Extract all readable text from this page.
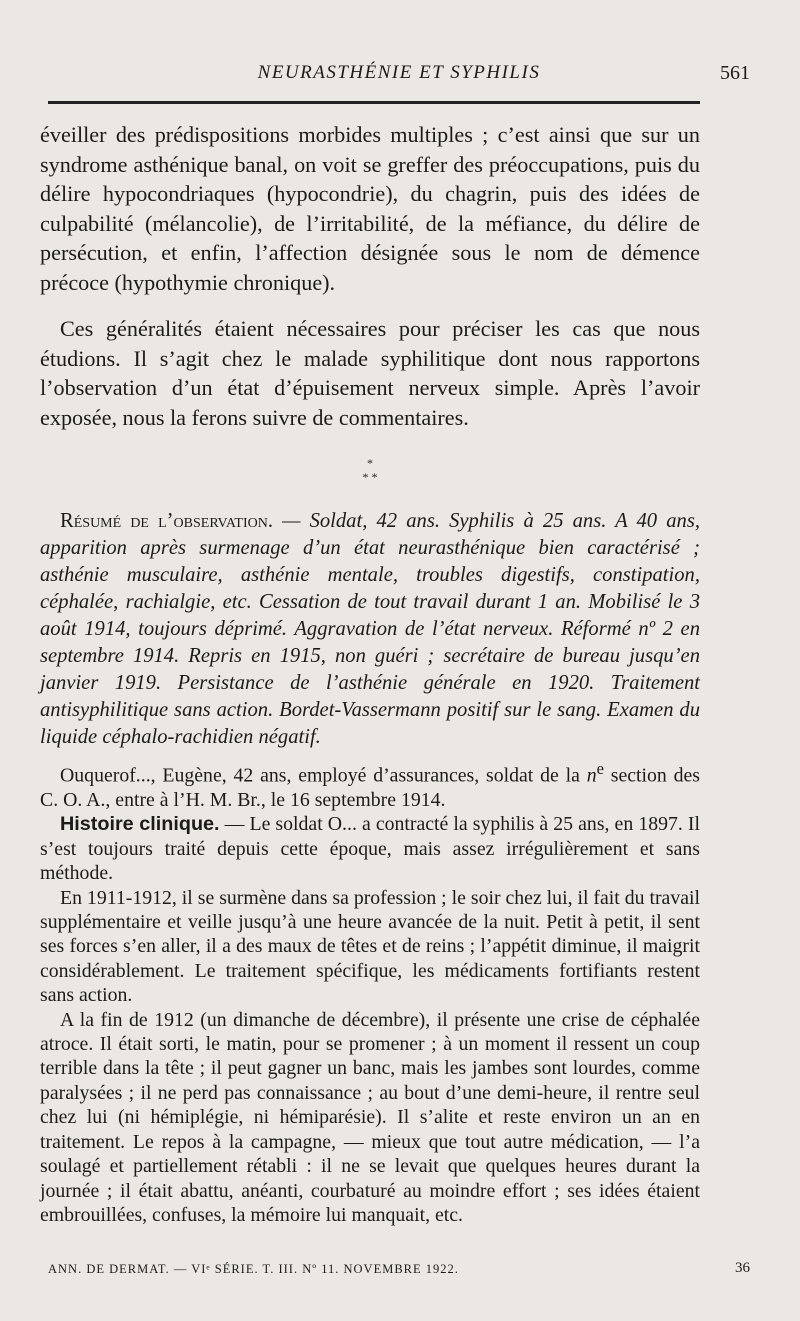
NEURASTHÉNIE ET SYPHILIS	561

éveiller des prédispositions morbides multiples ; c’est ainsi que sur un syndrome asthénique banal, on voit se greffer des préoccupations, puis du délire hypocondriaques (hypocondrie), du chagrin, puis des idées de culpabilité (mélancolie), de l’irritabilité, de la méfiance, du délire de persécution, et enfin, l’affection désignée sous le nom de démence précoce (hypothymie chronique).

Ces généralités étaient nécessaires pour préciser les cas que nous étudions. Il s’agit chez le malade syphilitique dont nous rapportons l’observation d’un état d’épuisement nerveux simple. Après l’avoir exposée, nous la ferons suivre de commentaires.

*
* *

Résumé de l’observation. — Soldat, 42 ans. Syphilis à 25 ans. A 40 ans, apparition après surmenage d’un état neurasthénique bien caractérisé ; asthénie musculaire, asthénie mentale, troubles digestifs, constipation, céphalée, rachialgie, etc. Cessation de tout travail durant 1 an. Mobilisé le 3 août 1914, toujours déprimé. Aggravation de l’état nerveux. Réformé nº 2 en septembre 1914. Repris en 1915, non guéri ; secrétaire de bureau jusqu’en janvier 1919. Persistance de l’asthénie générale en 1920. Traitement antisyphilitique sans action. Bordet-Vassermann positif sur le sang. Examen du liquide céphalo-rachidien négatif.

Ouquerof..., Eugène, 42 ans, employé d’assurances, soldat de la $n^e$ section des C. O. A., entre à l’H. M. Br., le 16 septembre 1914.

Histoire clinique. — Le soldat O... a contracté la syphilis à 25 ans, en 1897. Il s’est toujours traité depuis cette époque, mais assez irrégulièrement et sans méthode.

En 1911-1912, il se surmène dans sa profession ; le soir chez lui, il fait du travail supplémentaire et veille jusqu’à une heure avancée de la nuit. Petit à petit, il sent ses forces s’en aller, il a des maux de têtes et de reins ; l’appétit diminue, il maigrit considérablement. Le traitement spécifique, les médicaments fortifiants restent sans action.

A la fin de 1912 (un dimanche de décembre), il présente une crise de céphalée atroce. Il était sorti, le matin, pour se promener ; à un moment il ressent un coup terrible dans la tête ; il peut gagner un banc, mais les jambes sont lourdes, comme paralysées ; il ne perd pas connaissance ; au bout d’une demi-heure, il rentre seul chez lui (ni hémiplégie, ni hémiparésie). Il s’alite et reste environ un an en traitement. Le repos à la campagne, — mieux que tout autre médication, — l’a soulagé et partiellement rétabli : il ne se levait que quelques heures durant la journée ; il était abattu, anéanti, courbaturé au moindre effort ; ses idées étaient embrouillées, confuses, la mémoire lui manquait, etc.

ANN. DE DERMAT. — VIᵉ SÉRIE. T. III. Nº 11. NOVEMBRE 1922.	36
